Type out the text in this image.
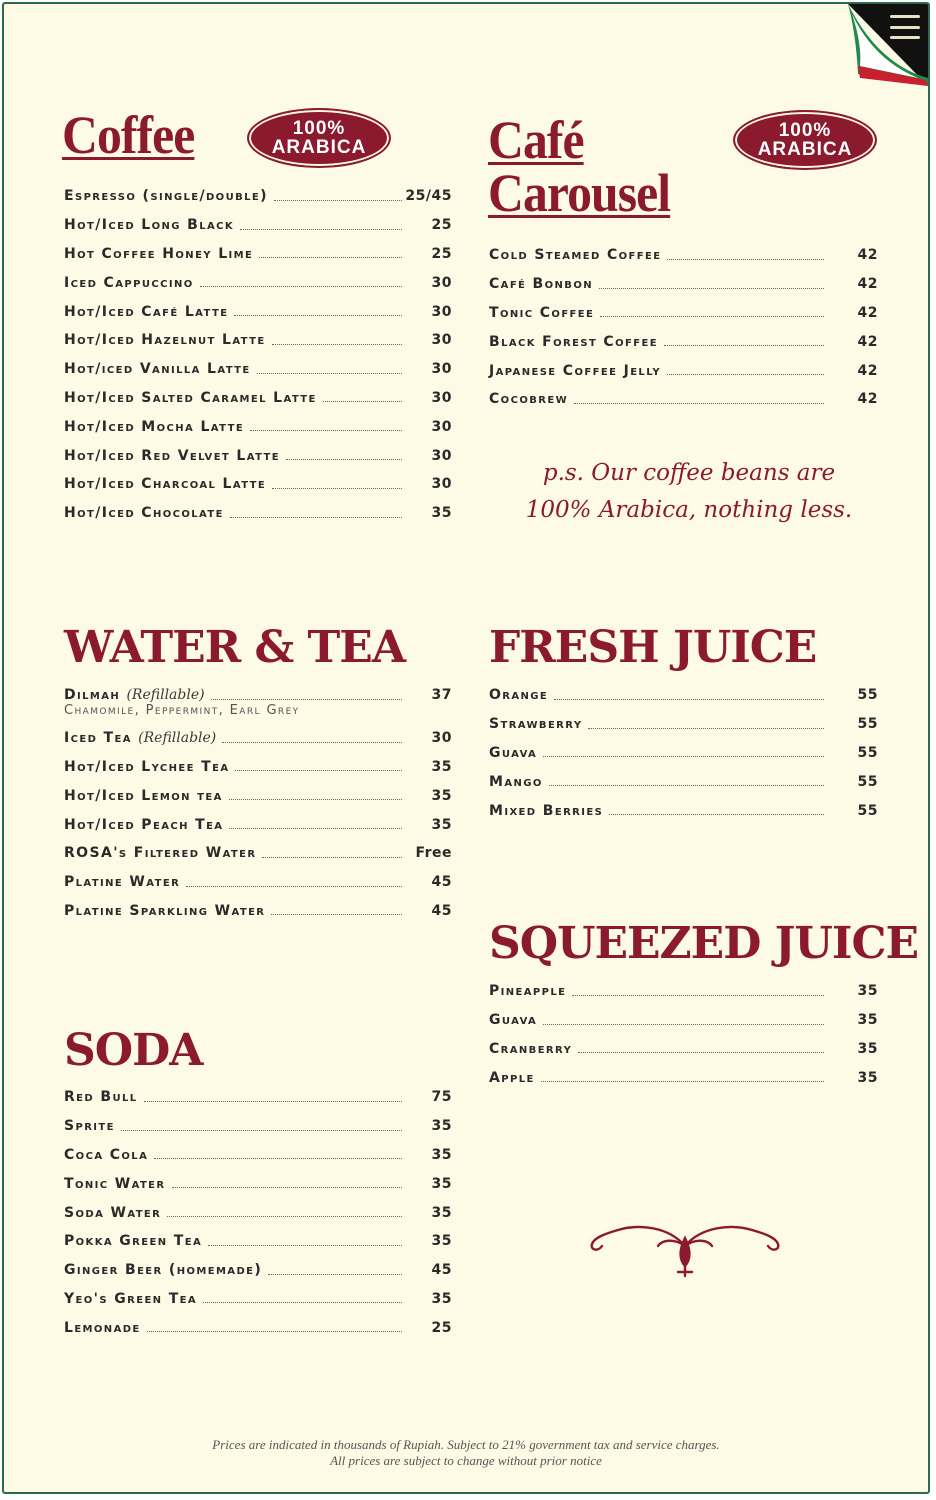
Coffee	100%
ARABICA
Espresso (single/double)	25/45
Hot/Iced Long Black	25
Hot Coffee Honey Lime	25
Iced Cappuccino	30
Hot/Iced Café Latte	30
Hot/Iced Hazelnut Latte	30
Hot/iced Vanilla Latte	30
Hot/Iced Salted Caramel Latte	30
Hot/Iced Mocha Latte	30
Hot/Iced Red Velvet Latte	30
Hot/Iced Charcoal Latte	30
Hot/Iced Chocolate	35
Café
Carousel
100%
ARABICA
Cold Steamed Coffee	42
Café Bonbon	42
Tonic Coffee	42
Black Forest Coffee	42
Japanese Coffee Jelly	42
Cocobrew	42
p.s. Our coffee beans are
100% Arabica, nothing less.
WATER & TEA
Dilmah (Refillable)	37
Chamomile, Peppermint, Earl Grey
Iced Tea (Refillable)	30
Hot/Iced Lychee Tea	35
Hot/Iced Lemon tea	35
Hot/Iced Peach Tea	35
ROSA's Filtered Water	Free
Platine Water	45
Platine Sparkling Water	45
FRESH JUICE
Orange	55
Strawberry	55
Guava	55
Mango	55
Mixed Berries	55
SQUEEZED JUICE
Pineapple	35
Guava	35
Cranberry	35
Apple	35
SODA
Red Bull	75
Sprite	35
Coca Cola	35
Tonic Water	35
Soda Water	35
Pokka Green Tea	35
Ginger Beer (homemade)	45
Yeo's Green Tea	35
Lemonade	25
Prices are indicated in thousands of Rupiah. Subject to 21% government tax and service charges.
All prices are subject to change without prior notice
